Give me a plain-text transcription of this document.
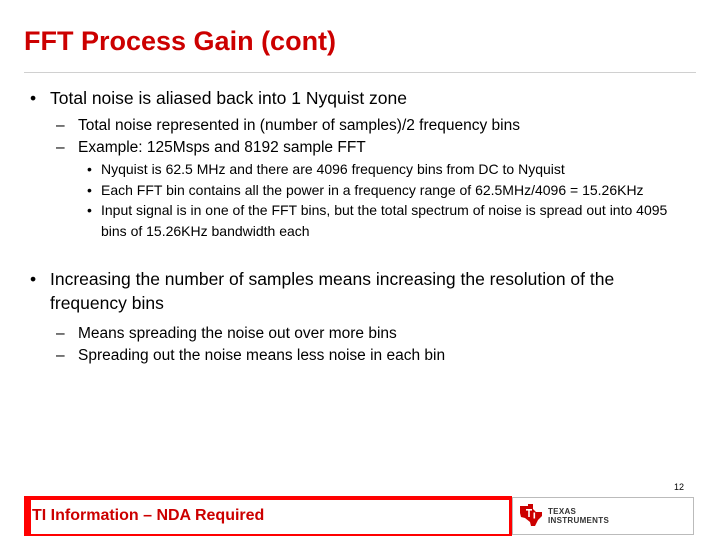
FFT Process Gain (cont)
• Total noise is aliased back into 1 Nyquist zone
– Total noise represented in (number of samples)/2 frequency bins
– Example: 125Msps and 8192 sample FFT
• Nyquist is 62.5 MHz and there are 4096 frequency bins from DC to Nyquist
• Each FFT bin contains all the power in a frequency range of 62.5MHz/4096 = 15.26KHz
• Input signal is in one of the FFT bins, but the total spectrum of noise is spread out into 4095 bins of 15.26KHz bandwidth each
• Increasing the number of samples means increasing the resolution of the frequency bins
– Means spreading the noise out over more bins
– Spreading out the noise means less noise in each bin
12
TI Information – NDA Required	TEXAS
INSTRUMENTS
